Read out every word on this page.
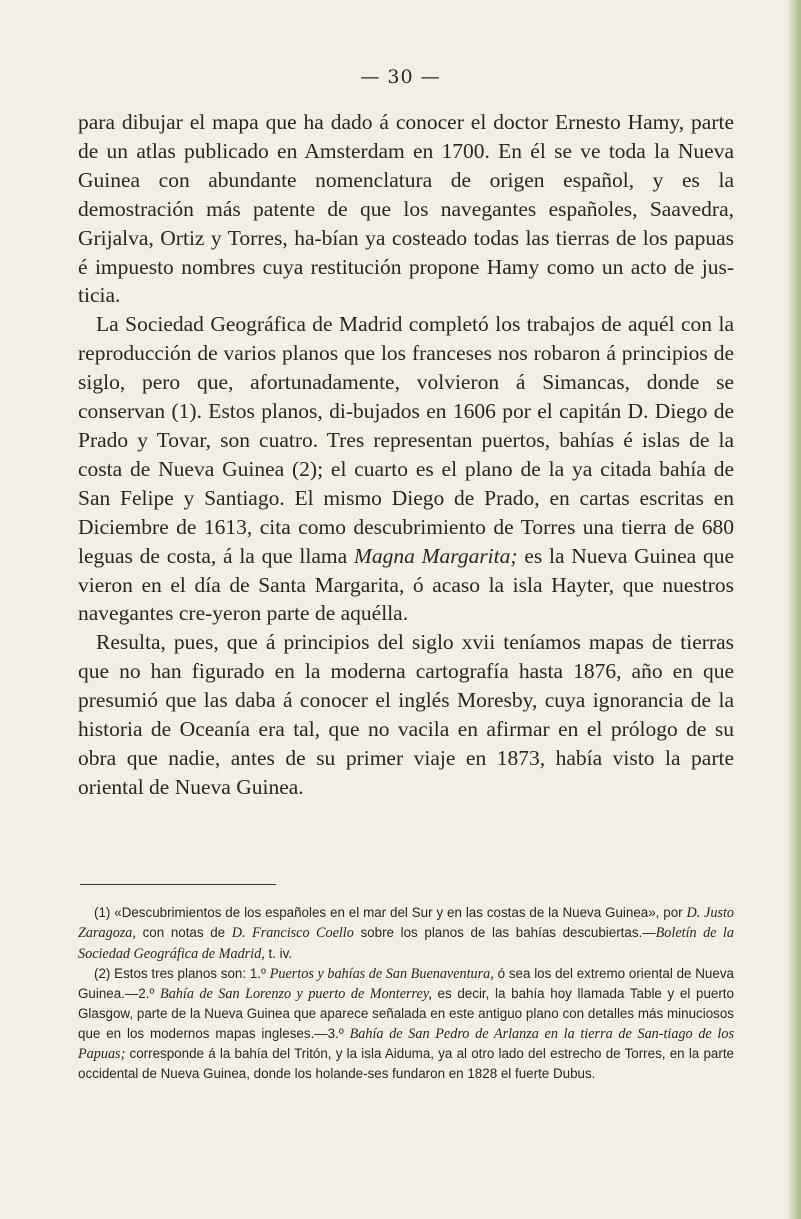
— 30 —

para dibujar el mapa que ha dado á conocer el doctor Ernesto Hamy, parte de un atlas publicado en Amsterdam en 1700. En él se ve toda la Nueva Guinea con abundante nomenclatura de origen español, y es la demostración más patente de que los navegantes españoles, Saavedra, Grijalva, Ortiz y Torres, ha-bían ya costeado todas las tierras de los papuas é impuesto nombres cuya restitución propone Hamy como un acto de jus-ticia.

La Sociedad Geográfica de Madrid completó los trabajos de aquél con la reproducción de varios planos que los franceses nos robaron á principios de siglo, pero que, afortunadamente, volvieron á Simancas, donde se conservan (1). Estos planos, di-bujados en 1606 por el capitán D. Diego de Prado y Tovar, son cuatro. Tres representan puertos, bahías é islas de la costa de Nueva Guinea (2); el cuarto es el plano de la ya citada bahía de San Felipe y Santiago. El mismo Diego de Prado, en cartas escritas en Diciembre de 1613, cita como descubrimiento de Torres una tierra de 680 leguas de costa, á la que llama Magna Margarita; es la Nueva Guinea que vieron en el día de Santa Margarita, ó acaso la isla Hayter, que nuestros navegantes cre-yeron parte de aquélla.

Resulta, pues, que á principios del siglo xvii teníamos mapas de tierras que no han figurado en la moderna cartografía hasta 1876, año en que presumió que las daba á conocer el inglés Moresby, cuya ignorancia de la historia de Oceanía era tal, que no vacila en afirmar en el prólogo de su obra que nadie, antes de su primer viaje en 1873, había visto la parte oriental de Nueva Guinea.

(1) «Descubrimientos de los españoles en el mar del Sur y en las costas de la Nueva Guinea», por D. Justo Zaragoza, con notas de D. Francisco Coello sobre los planos de las bahías descubiertas.—Boletín de la Sociedad Geográfica de Madrid, t. iv.

(2) Estos tres planos son: 1.º Puertos y bahías de San Buenaventura, ó sea los del extremo oriental de Nueva Guinea.—2.º Bahía de San Lorenzo y puerto de Monterrey, es decir, la bahía hoy llamada Table y el puerto Glasgow, parte de la Nueva Guinea que aparece señalada en este antiguo plano con detalles más minuciosos que en los modernos mapas ingleses.—3.º Bahía de San Pedro de Arlanza en la tierra de San-tiago de los Papuas; corresponde á la bahía del Tritón, y la isla Aiduma, ya al otro lado del estrecho de Torres, en la parte occidental de Nueva Guinea, donde los holande-ses fundaron en 1828 el fuerte Dubus.
